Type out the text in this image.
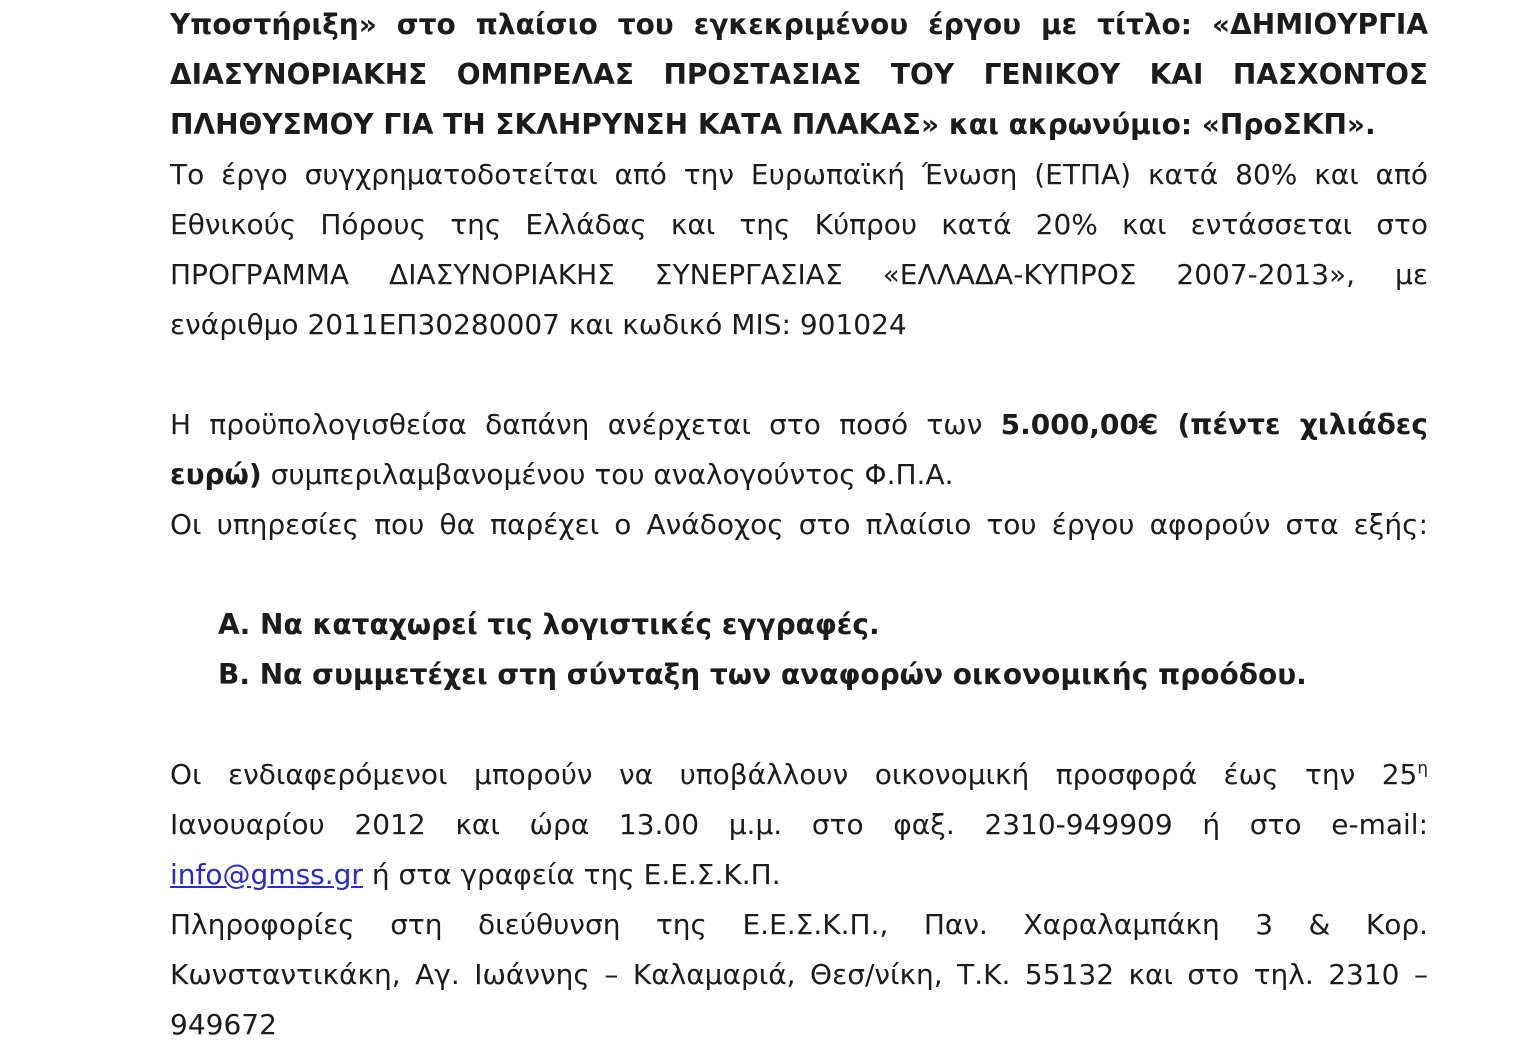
Υποστήριξη» στο πλαίσιο του εγκεκριμένου έργου με τίτλο: «ΔΗΜΙΟΥΡΓΙΑ
ΔΙΑΣΥΝΟΡΙΑΚΗΣ ΟΜΠΡΕΛΑΣ ΠΡΟΣΤΑΣΙΑΣ ΤΟΥ ΓΕΝΙΚΟΥ ΚΑΙ ΠΑΣΧΟΝΤΟΣ
ΠΛΗΘΥΣΜΟΥ ΓΙΑ ΤΗ ΣΚΛΗΡΥΝΣΗ ΚΑΤΑ ΠΛΑΚΑΣ» και ακρωνύμιο: «ΠροΣΚΠ».
Το έργο συγχρηματοδοτείται από την Ευρωπαϊκή Ένωση (ΕΤΠΑ) κατά 80% και από
Εθνικούς Πόρους της Ελλάδας και της Κύπρου κατά 20% και εντάσσεται στο
ΠΡΟΓΡΑΜΜΑ ΔΙΑΣΥΝΟΡΙΑΚΗΣ ΣΥΝΕΡΓΑΣΙΑΣ «ΕΛΛΑΔΑ-ΚΥΠΡΟΣ 2007-2013», με
ενάριθμο 2011ΕΠ30280007 και κωδικό MIS: 901024
Η προϋπολογισθείσα δαπάνη ανέρχεται στο ποσό των 5.000,00€ (πέντε χιλιάδες
ευρώ) συμπεριλαμβανομένου του αναλογούντος Φ.Π.Α.
Οι υπηρεσίες που θα παρέχει ο Ανάδοχος στο πλαίσιο του έργου αφορούν στα εξής:
Α. Να καταχωρεί τις λογιστικές εγγραφές.
Β. Να συμμετέχει στη σύνταξη των αναφορών οικονομικής προόδου.
Οι ενδιαφερόμενοι μπορούν να υποβάλλουν οικονομική προσφορά έως την $25^\eta$
Ιανουαρίου 2012 και ώρα 13.00 μ.μ. στο φαξ. 2310-949909 ή στο e-mail:
info@gmss.gr ή στα γραφεία της Ε.Ε.Σ.Κ.Π.
Πληροφορίες στη διεύθυνση της Ε.Ε.Σ.Κ.Π., Παν. Χαραλαμπάκη 3 & Κορ.
Κωνσταντικάκη, Αγ. Ιωάννης – Καλαμαριά, Θεσ/νίκη, Τ.Κ. 55132 και στο τηλ. 2310 –
949672
